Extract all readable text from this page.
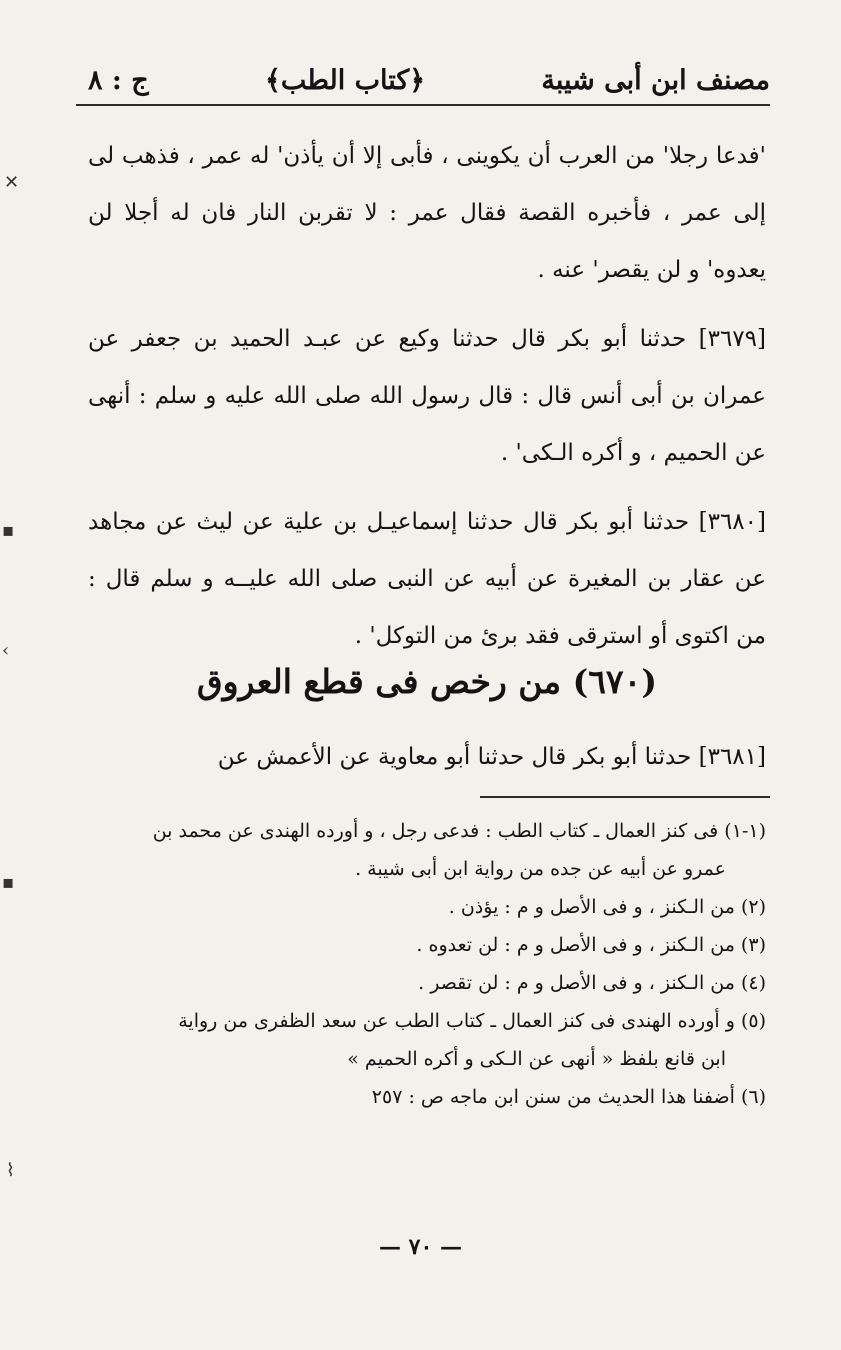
مصنف ابن أبى شيبة
﴿كتاب الطب﴾
ج : ٨

'فدعا رجلا' من العرب أن يكوينى ، فأبى إلا أن يأذن' له عمر ، فذهب لى إلى عمر ، فأخبره القصة فقال عمر : لا تقربن النار فان له أجلا لن يعدوه' و لن يقصر' عنه .

[٣٦٧٩] حدثنا أبو بكر قال حدثنا وكيع عن عبـد الحميد بن جعفر عن عمران بن أبى أنس قال : قال رسول الله صلى الله عليه و سلم : أنهى عن الحميم ، و أكره الـكى' .

[٣٦٨٠] حدثنا أبو بكر قال حدثنا إسماعيـل بن علية عن ليث عن مجاهد عن عقار بن المغيرة عن أبيه عن النبى صلى الله عليــه و سلم قال : من اكتوى أو استرقى فقد برئ من التوكل' .

(٦٧٠) من رخص فى قطع العروق
[٣٦٨١] حدثنا أبو بكر قال حدثنا أبو معاوية عن الأعمش عن
(١-١) فى كنز العمال ـ كتاب الطب : فدعى رجل ، و أورده الهندى عن محمد بن
عمرو عن أبيه عن جده من رواية ابن أبى شيبة .
(٢) من الـكنز ، و فى الأصل و م : يؤذن .
(٣) من الـكنز ، و فى الأصل و م : لن تعدوه .
(٤) من الـكنز ، و فى الأصل و م : لن تقصر .
(٥) و أورده الهندى فى كنز العمال ـ كتاب الطب عن سعد الظفرى من رواية
ابن قانع بلفظ « أنهى عن الـكى و أكره الحميم »
(٦) أضفنا هذا الحديث من سنن ابن ماجه ص : ٢٥٧
— ٧٠ —
✕
▪
‹
▪
⌇
